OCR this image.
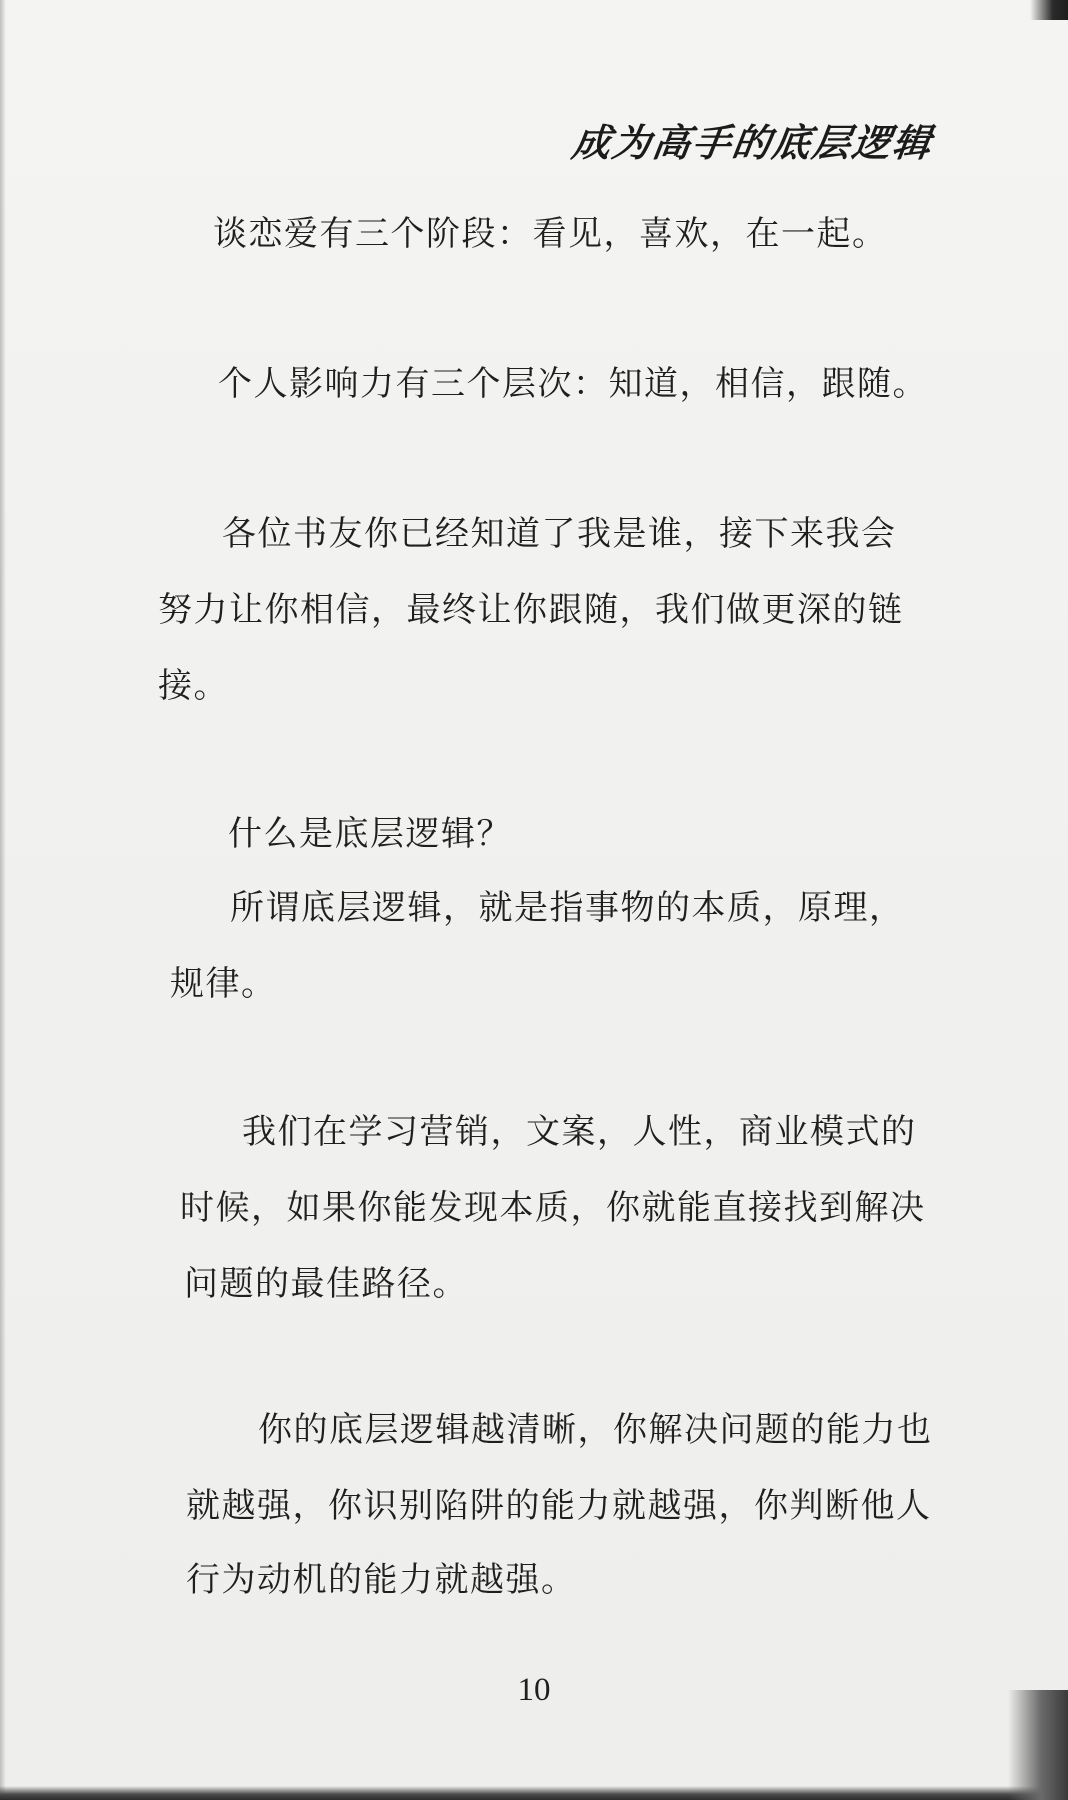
成为高手的底层逻辑

谈恋爱有三个阶段：看见，喜欢，在一起。

个人影响力有三个层次：知道，相信，跟随。

各位书友你已经知道了我是谁，接下来我会

努力让你相信，最终让你跟随，我们做更深的链

接。

什么是底层逻辑？

所谓底层逻辑，就是指事物的本质，原理，

规律。

我们在学习营销，文案，人性，商业模式的

时候，如果你能发现本质，你就能直接找到解决

问题的最佳路径。

你的底层逻辑越清晰，你解决问题的能力也

就越强，你识别陷阱的能力就越强，你判断他人

行为动机的能力就越强。

10
